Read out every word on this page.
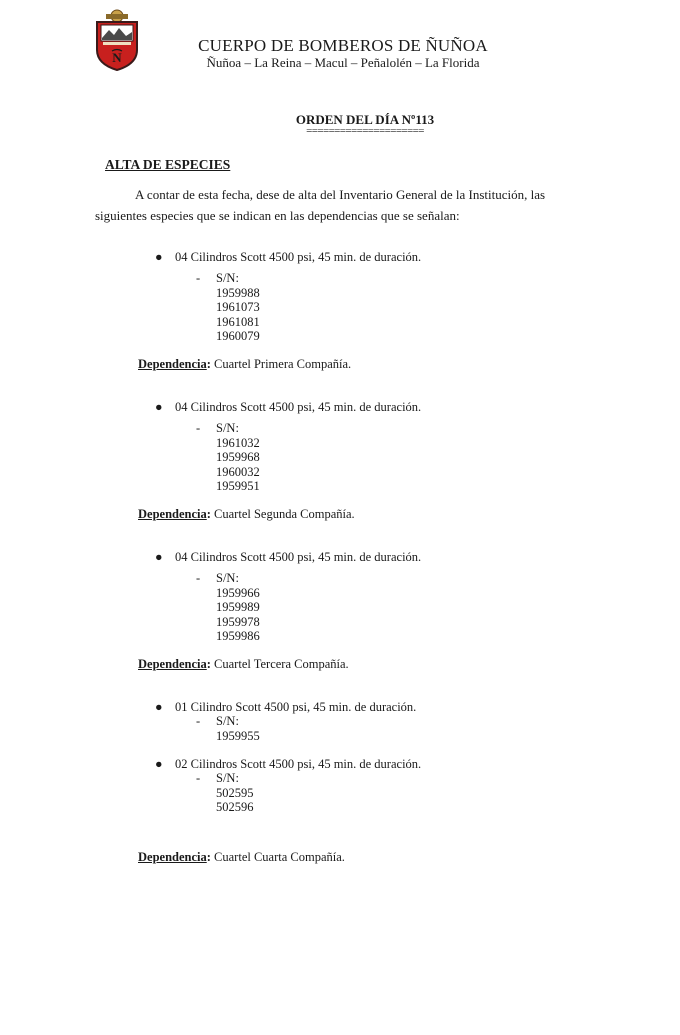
N
CUERPO DE BOMBEROS DE ÑUÑOA
Ñuñoa – La Reina – Macul – Peñalolén – La Florida
ORDEN DEL DÍA Nº113
=====================
ALTA DE ESPECIES
A contar de esta fecha, dese de alta del Inventario General de la Institución, las siguientes especies que se indican en las dependencias que se señalan:
● 04 Cilindros Scott 4500 psi, 45 min. de duración.
- S/N:
1959988
1961073
1961081
1960079
Dependencia: Cuartel Primera Compañía.
● 04 Cilindros Scott 4500 psi, 45 min. de duración.
- S/N:
1961032
1959968
1960032
1959951
Dependencia: Cuartel Segunda Compañía.
● 04 Cilindros Scott 4500 psi, 45 min. de duración.
- S/N:
1959966
1959989
1959978
1959986
Dependencia: Cuartel Tercera Compañía.
● 01 Cilindro Scott 4500 psi, 45 min. de duración.
- S/N:
1959955
● 02 Cilindros Scott 4500 psi, 45 min. de duración.
- S/N:
502595
502596
Dependencia: Cuartel Cuarta Compañía.
